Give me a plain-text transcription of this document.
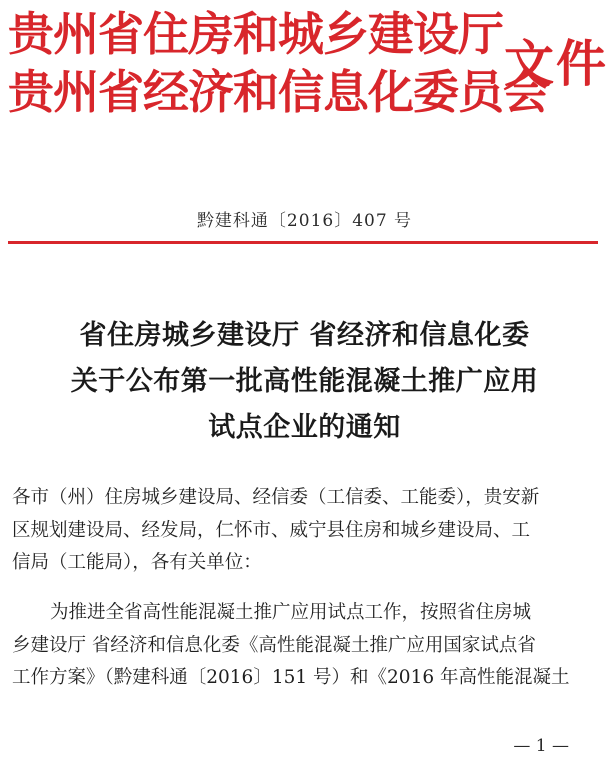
贵州省住房和城乡建设厅
贵州省经济和信息化委员会
文件
黔建科通〔2016〕407 号
省住房城乡建设厅 省经济和信息化委
关于公布第一批高性能混凝土推广应用
试点企业的通知
各市（州）住房城乡建设局、经信委（工信委、工能委），贵安新
区规划建设局、经发局，仁怀市、威宁县住房和城乡建设局、工
信局（工能局），各有关单位：
为推进全省高性能混凝土推广应用试点工作，按照省住房城
乡建设厅 省经济和信息化委《高性能混凝土推广应用国家试点省
工作方案》（黔建科通〔2016〕151 号）和《2016 年高性能混凝土
— 1 —
